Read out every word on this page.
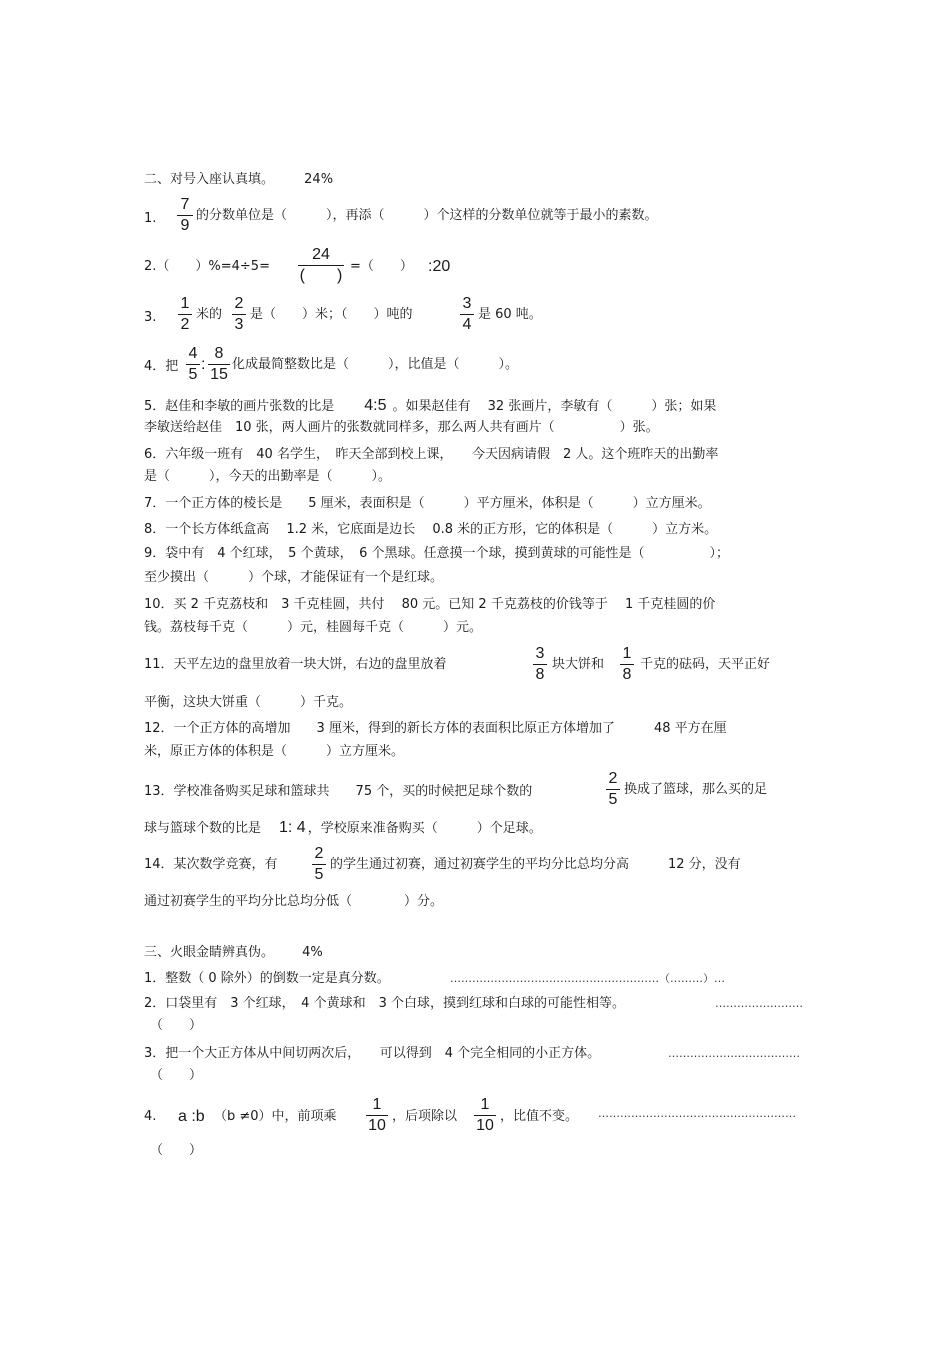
二、对号入座认真填。 24%
1.
7
9
的分数单位是（　　　），再添（　　　）个这样的分数单位就等于最小的素数。
2.（　　）%=4÷5=
24
(　　)
=（　　） :20
3.
1
2
米的
2
3
是（　　）米；（　　）吨的
3
4
是 60 吨。
4．把
4
5
:
8
15
化成最简整数比是（　　　），比值是（　　　）。
5．赵佳和李敏的画片张数的比是 4:5 。如果赵佳有　 32 张画片，李敏有（　　　）张；如果
李敏送给赵佳　10 张，两人画片的张数就同样多，那么两人共有画片（　　　　　）张。
6．六年级一班有　40 名学生，　昨天全部到校上课，　　今天因病请假　2 人。这个班昨天的出勤率
是（　　　），今天的出勤率是（　　　）。
7．一个正方体的棱长是　　5 厘米，表面积是（　　　）平方厘米，体积是（　　　）立方厘米。
8．一个长方体纸盒高　 1.2 米，它底面是边长　 0.8 米的正方形，它的体积是（　　　）立方米。
9．袋中有　4 个红球，　5 个黄球，　6 个黑球。任意摸一个球，摸到黄球的可能性是（　　　　　）；
至少摸出（　　　）个球，才能保证有一个是红球。
10．买 2 千克荔枝和　3 千克桂圆，共付　 80 元。已知 2 千克荔枝的价钱等于　 1 千克桂圆的价
钱。荔枝每千克（　　　）元，桂圆每千克（　　　）元。
11．天平左边的盘里放着一块大饼，右边的盘里放着
3
8
块大饼和
1
8
千克的砝码，天平正好
平衡，这块大饼重（　　　）千克。
12．一个正方体的高增加　　3 厘米，得到的新长方体的表面积比原正方体增加了　　　48 平方在厘
米，原正方体的体积是（　　　）立方厘米。
13．学校准备购买足球和篮球共　　75 个，买的时候把足球个数的
2
5
换成了篮球，那么买的足
球与篮球个数的比是 1: 4 ，学校原来准备购买（　　　）个足球。
14．某次数学竞赛，有
2
5
的学生通过初赛，通过初赛学生的平均分比总均分高　　　12 分，没有
通过初赛学生的平均分比总均分低（　　　　）分。
三、火眼金睛辨真伪。 4%
1．整数（ 0 除外）的倒数一定是真分数。	…………………………………………………（………）…
2．口袋里有　3 个红球，　4 个黄球和　3 个白球，摸到红球和白球的可能性相等。	……………………
（　　）
3．把一个大正方体从中间切两次后，　　可以得到　4 个完全相同的小正方体。	………………………………
（　　）
4. a :b （b ≠0）中，前项乘
1
10
，后项除以
1
10
，比值不变。 ………………………………………………
（　　）
